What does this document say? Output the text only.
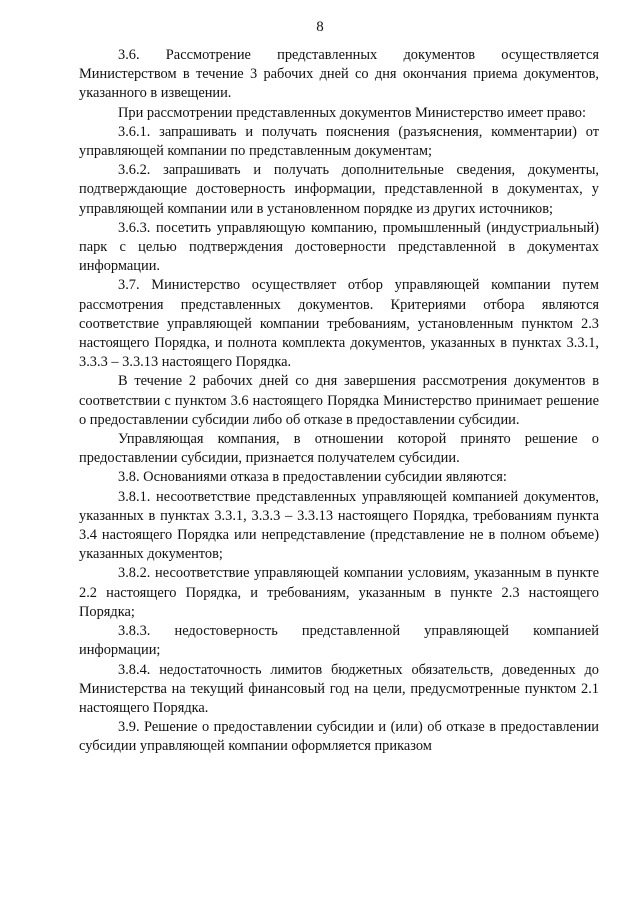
8

3.6. Рассмотрение представленных документов осуществляется Министерством в течение 3 рабочих дней со дня окончания приема документов, указанного в извещении.

При рассмотрении представленных документов Министерство имеет право:

3.6.1. запрашивать и получать пояснения (разъяснения, комментарии) от управляющей компании по представленным документам;

3.6.2. запрашивать и получать дополнительные сведения, документы, подтверждающие достоверность информации, представленной в документах, у управляющей компании или в установленном порядке из других источников;

3.6.3. посетить управляющую компанию, промышленный (индустриальный) парк с целью подтверждения достоверности представленной в документах информации.

3.7. Министерство осуществляет отбор управляющей компании путем рассмотрения представленных документов. Критериями отбора являются соответствие управляющей компании требованиям, установленным пунктом 2.3 настоящего Порядка, и полнота комплекта документов, указанных в пунктах 3.3.1, 3.3.3 – 3.3.13 настоящего Порядка.

В течение 2 рабочих дней со дня завершения рассмотрения документов в соответствии с пунктом 3.6 настоящего Порядка Министерство принимает решение о предоставлении субсидии либо об отказе в предоставлении субсидии.

Управляющая компания, в отношении которой принято решение о предоставлении субсидии, признается получателем субсидии.

3.8. Основаниями отказа в предоставлении субсидии являются:

3.8.1. несоответствие представленных управляющей компанией документов, указанных в пунктах 3.3.1, 3.3.3 – 3.3.13 настоящего Порядка, требованиям пункта 3.4 настоящего Порядка или непредставление (представление не в полном объеме) указанных документов;

3.8.2. несоответствие управляющей компании условиям, указанным в пункте 2.2 настоящего Порядка, и требованиям, указанным в пункте 2.3 настоящего Порядка;

3.8.3. недостоверность представленной управляющей компанией информации;

3.8.4. недостаточность лимитов бюджетных обязательств, доведенных до Министерства на текущий финансовый год на цели, предусмотренные пунктом 2.1 настоящего Порядка.

3.9. Решение о предоставлении субсидии и (или) об отказе в предоставлении субсидии управляющей компании оформляется приказом
